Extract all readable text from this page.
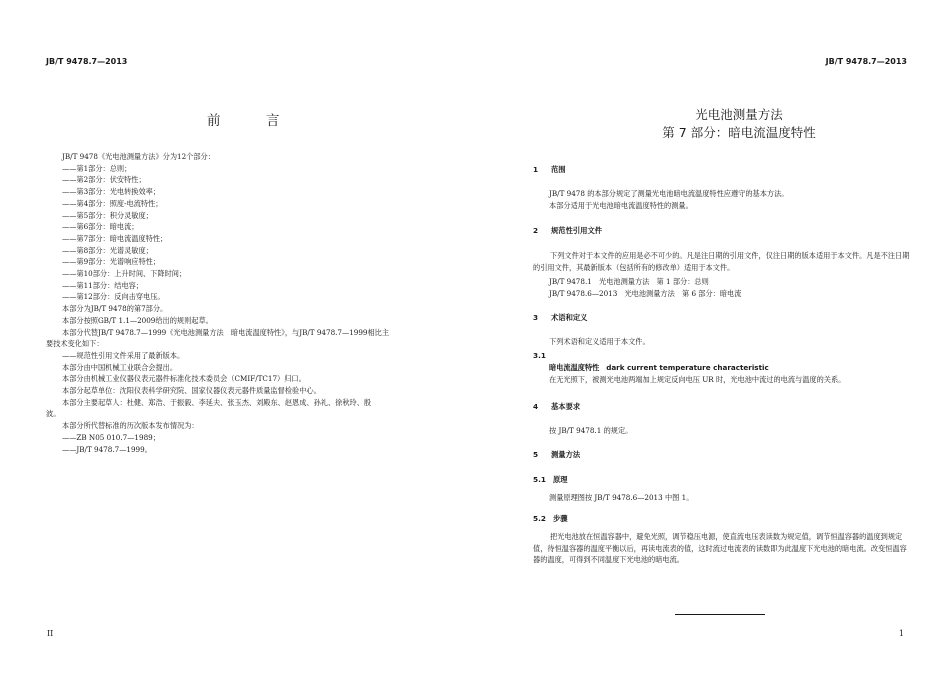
JB/T 9478.7—2013
前　言
JB/T 9478《光电池测量方法》分为12个部分：
——第1部分：总则；
——第2部分：伏安特性；
——第3部分：光电转换效率；
——第4部分：照度-电流特性；
——第5部分：积分灵敏度；
——第6部分：暗电流；
——第7部分：暗电流温度特性；
——第8部分：光谱灵敏度；
——第9部分：光谱响应特性；
——第10部分：上升时间、下降时间；
——第11部分：结电容；
——第12部分：反向击穿电压。
本部分为JB/T 9478的第7部分。
本部分按照GB/T 1.1—2009给出的规则起草。
本部分代替JB/T 9478.7—1999《光电池测量方法　暗电流温度特性》，与JB/T 9478.7—1999相比主
要技术变化如下：
——规范性引用文件采用了最新版本。
本部分由中国机械工业联合会提出。
本部分由机械工业仪器仪表元器件标准化技术委员会（CMIF/TC17）归口。
本部分起草单位：沈阳仪表科学研究院、国家仪器仪表元器件质量监督检验中心。
本部分主要起草人：杜健、郑浩、于振毅、李延夫、张玉杰、刘殿东、赵恩成、孙礼、徐秋玲、殷
波。
本部分所代替标准的历次版本发布情况为：
——ZB N05 010.7—1989；
——JB/T 9478.7—1999。
II
JB/T 9478.7—2013
光电池测量方法
第 7 部分：暗电流温度特性
1 范围
JB/T 9478 的本部分规定了测量光电池暗电流温度特性应遵守的基本方法。
本部分适用于光电池暗电流温度特性的测量。
2 规范性引用文件
下列文件对于本文件的应用是必不可少的。凡是注日期的引用文件，仅注日期的版本适用于本文件。凡是不注日期的引用文件，其最新版本（包括所有的修改单）适用于本文件。
JB/T 9478.1　光电池测量方法　第 1 部分：总则
JB/T 9478.6—2013　光电池测量方法　第 6 部分：暗电流
3 术语和定义
下列术语和定义适用于本文件。
3.1
暗电流温度特性 dark current temperature characteristic
在无光照下，被测光电池两端加上规定反向电压 UR 时，光电池中流过的电流与温度的关系。
4 基本要求
按 JB/T 9478.1 的规定。
5 测量方法
5.1 原理
测量原理图按 JB/T 9478.6—2013 中图 1。
5.2 步骤
把光电池放在恒温容器中，避免光照，调节稳压电源，使直流电压表读数为规定值，调节恒温容器的温度到规定值，待恒温容器的温度平衡以后，再读电流表的值，这时流过电流表的读数即为此温度下光电池的暗电流。改变恒温容器的温度，可得到不同温度下光电池的暗电流。
1
